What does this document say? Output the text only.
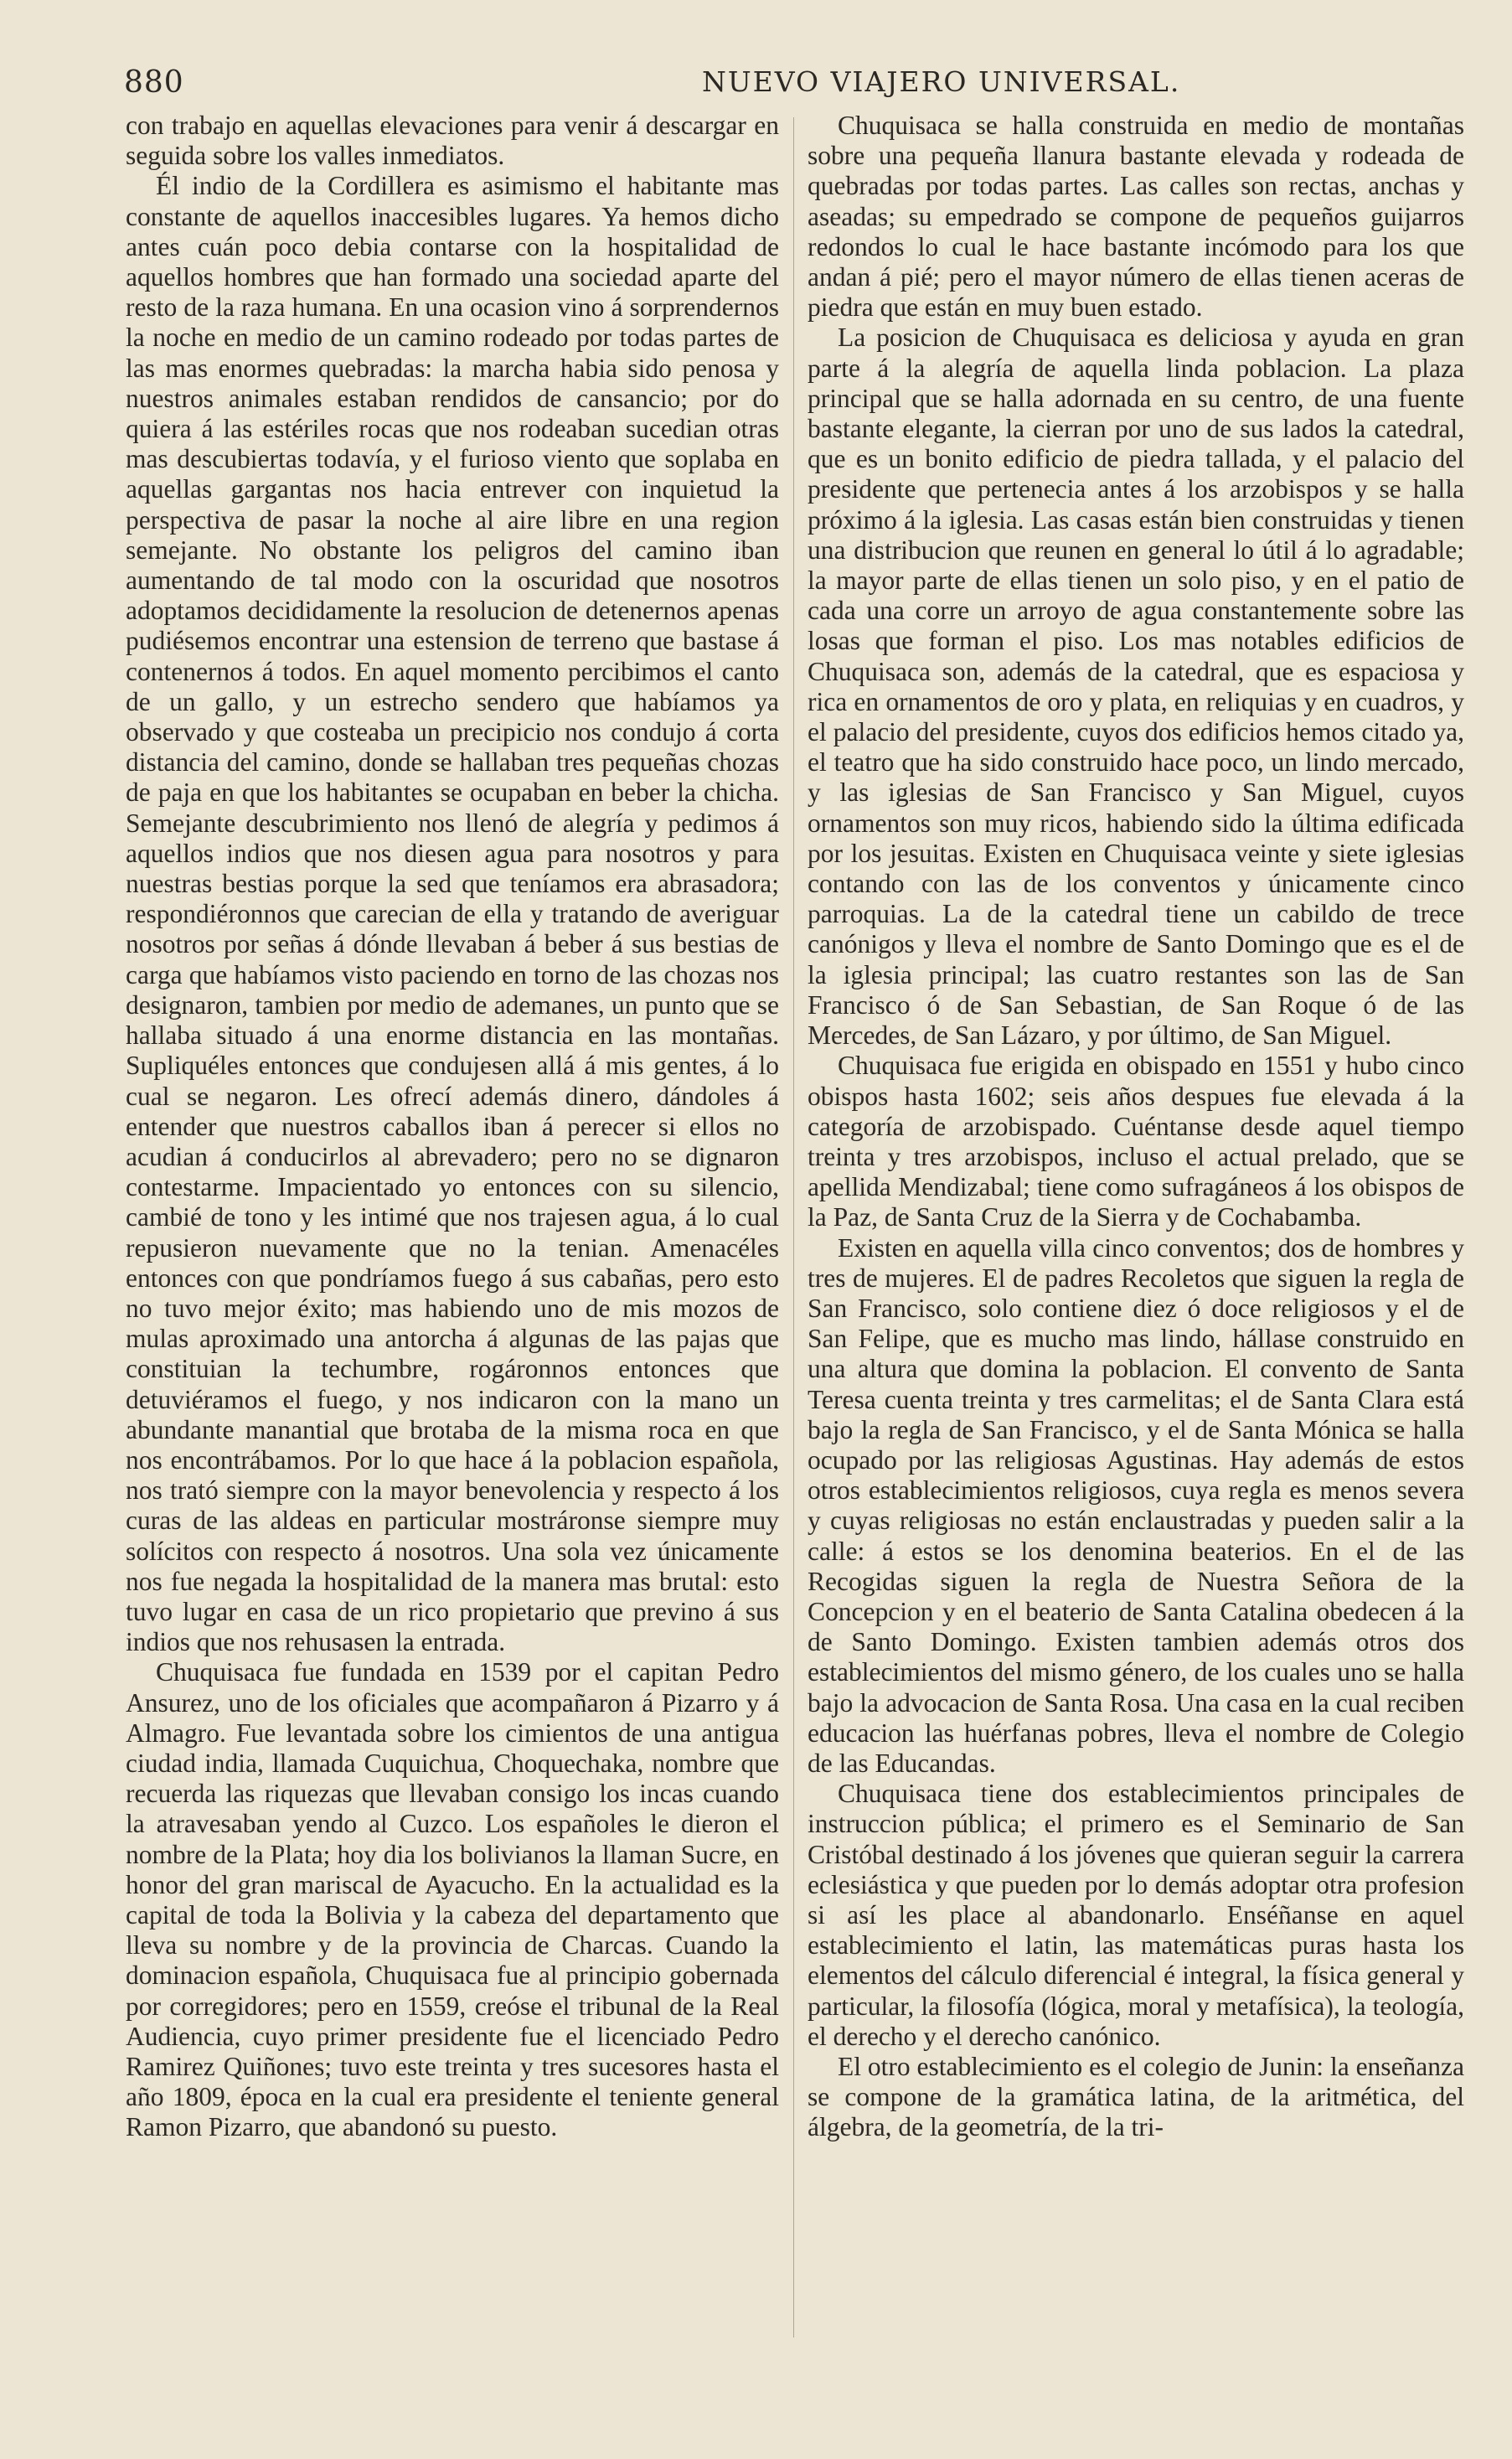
880	NUEVO VIAJERO UNIVERSAL.

con trabajo en aquellas elevaciones para venir á descargar en seguida sobre los valles inmediatos.

Él indio de la Cordillera es asimismo el habitante mas constante de aquellos inaccesibles lugares. Ya hemos dicho antes cuán poco debia contarse con la hospitalidad de aquellos hombres que han formado una sociedad aparte del resto de la raza humana. En una ocasion vino á sorprendernos la noche en medio de un camino rodeado por todas partes de las mas enormes quebradas: la marcha habia sido penosa y nuestros animales estaban rendidos de cansancio; por do quiera á las estériles rocas que nos rodeaban sucedian otras mas descubiertas todavía, y el furioso viento que soplaba en aquellas gargantas nos hacia entrever con inquietud la perspectiva de pasar la noche al aire libre en una region semejante. No obstante los peligros del camino iban aumentando de tal modo con la oscuridad que nosotros adoptamos decididamente la resolucion de detenernos apenas pudiésemos encontrar una estension de terreno que bastase á contenernos á todos. En aquel momento percibimos el canto de un gallo, y un estrecho sendero que habíamos ya observado y que costeaba un precipicio nos condujo á corta distancia del camino, donde se hallaban tres pequeñas chozas de paja en que los habitantes se ocupaban en beber la chicha. Semejante descubrimiento nos llenó de alegría y pedimos á aquellos indios que nos diesen agua para nosotros y para nuestras bestias porque la sed que teníamos era abrasadora; respondiéronnos que carecian de ella y tratando de averiguar nosotros por señas á dónde llevaban á beber á sus bestias de carga que habíamos visto paciendo en torno de las chozas nos designaron, tambien por medio de ademanes, un punto que se hallaba situado á una enorme distancia en las montañas. Supliquéles entonces que condujesen allá á mis gentes, á lo cual se negaron. Les ofrecí además dinero, dándoles á entender que nuestros caballos iban á perecer si ellos no acudian á conducirlos al abrevadero; pero no se dignaron contestarme. Impacientado yo entonces con su silencio, cambié de tono y les intimé que nos trajesen agua, á lo cual repusieron nuevamente que no la tenian. Amenacéles entonces con que pondríamos fuego á sus cabañas, pero esto no tuvo mejor éxito; mas habiendo uno de mis mozos de mulas aproximado una antorcha á algunas de las pajas que constituian la techumbre, rogáronnos entonces que detuviéramos el fuego, y nos indicaron con la mano un abundante manantial que brotaba de la misma roca en que nos encontrábamos. Por lo que hace á la poblacion española, nos trató siempre con la mayor benevolencia y respecto á los curas de las aldeas en particular mostráronse siempre muy solícitos con respecto á nosotros. Una sola vez únicamente nos fue negada la hospitalidad de la manera mas brutal: esto tuvo lugar en casa de un rico propietario que previno á sus indios que nos rehusasen la entrada.

Chuquisaca fue fundada en 1539 por el capitan Pedro Ansurez, uno de los oficiales que acompañaron á Pizarro y á Almagro. Fue levantada sobre los cimientos de una antigua ciudad india, llamada Cuquichua, Choquechaka, nombre que recuerda las riquezas que llevaban consigo los incas cuando la atravesaban yendo al Cuzco. Los españoles le dieron el nombre de la Plata; hoy dia los bolivianos la llaman Sucre, en honor del gran mariscal de Ayacucho. En la actualidad es la capital de toda la Bolivia y la cabeza del departamento que lleva su nombre y de la provincia de Charcas. Cuando la dominacion española, Chuquisaca fue al principio gobernada por corregidores; pero en 1559, creóse el tribunal de la Real Audiencia, cuyo primer presidente fue el licenciado Pedro Ramirez Quiñones; tuvo este treinta y tres sucesores hasta el año 1809, época en la cual era presidente el teniente general Ramon Pizarro, que abandonó su puesto.

Chuquisaca se halla construida en medio de montañas sobre una pequeña llanura bastante elevada y rodeada de quebradas por todas partes. Las calles son rectas, anchas y aseadas; su empedrado se compone de pequeños guijarros redondos lo cual le hace bastante incómodo para los que andan á pié; pero el mayor número de ellas tienen aceras de piedra que están en muy buen estado.

La posicion de Chuquisaca es deliciosa y ayuda en gran parte á la alegría de aquella linda poblacion. La plaza principal que se halla adornada en su centro, de una fuente bastante elegante, la cierran por uno de sus lados la catedral, que es un bonito edificio de piedra tallada, y el palacio del presidente que pertenecia antes á los arzobispos y se halla próximo á la iglesia. Las casas están bien construidas y tienen una distribucion que reunen en general lo útil á lo agradable; la mayor parte de ellas tienen un solo piso, y en el patio de cada una corre un arroyo de agua constantemente sobre las losas que forman el piso. Los mas notables edificios de Chuquisaca son, además de la catedral, que es espaciosa y rica en ornamentos de oro y plata, en reliquias y en cuadros, y el palacio del presidente, cuyos dos edificios hemos citado ya, el teatro que ha sido construido hace poco, un lindo mercado, y las iglesias de San Francisco y San Miguel, cuyos ornamentos son muy ricos, habiendo sido la última edificada por los jesuitas. Existen en Chuquisaca veinte y siete iglesias contando con las de los conventos y únicamente cinco parroquias. La de la catedral tiene un cabildo de trece canónigos y lleva el nombre de Santo Domingo que es el de la iglesia principal; las cuatro restantes son las de San Francisco ó de San Sebastian, de San Roque ó de las Mercedes, de San Lázaro, y por último, de San Miguel.

Chuquisaca fue erigida en obispado en 1551 y hubo cinco obispos hasta 1602; seis años despues fue elevada á la categoría de arzobispado. Cuéntanse desde aquel tiempo treinta y tres arzobispos, incluso el actual prelado, que se apellida Mendizabal; tiene como sufragáneos á los obispos de la Paz, de Santa Cruz de la Sierra y de Cochabamba.

Existen en aquella villa cinco conventos; dos de hombres y tres de mujeres. El de padres Recoletos que siguen la regla de San Francisco, solo contiene diez ó doce religiosos y el de San Felipe, que es mucho mas lindo, hállase construido en una altura que domina la poblacion. El convento de Santa Teresa cuenta treinta y tres carmelitas; el de Santa Clara está bajo la regla de San Francisco, y el de Santa Mónica se halla ocupado por las religiosas Agustinas. Hay además de estos otros establecimientos religiosos, cuya regla es menos severa y cuyas religiosas no están enclaustradas y pueden salir a la calle: á estos se los denomina beaterios. En el de las Recogidas siguen la regla de Nuestra Señora de la Concepcion y en el beaterio de Santa Catalina obedecen á la de Santo Domingo. Existen tambien además otros dos establecimientos del mismo género, de los cuales uno se halla bajo la advocacion de Santa Rosa. Una casa en la cual reciben educacion las huérfanas pobres, lleva el nombre de Colegio de las Educandas.

Chuquisaca tiene dos establecimientos principales de instruccion pública; el primero es el Seminario de San Cristóbal destinado á los jóvenes que quieran seguir la carrera eclesiástica y que pueden por lo demás adoptar otra profesion si así les place al abandonarlo. Enséñanse en aquel establecimiento el latin, las matemáticas puras hasta los elementos del cálculo diferencial é integral, la física general y particular, la filosofía (lógica, moral y metafísica), la teología, el derecho y el derecho canónico.

El otro establecimiento es el colegio de Junin: la enseñanza se compone de la gramática latina, de la aritmética, del álgebra, de la geometría, de la tri-
